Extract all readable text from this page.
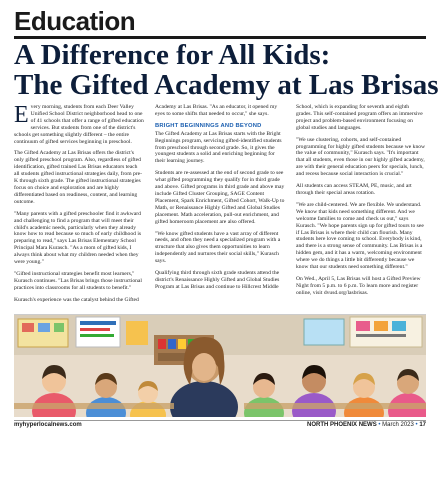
Education
A Difference for All Kids:
The Gifted Academy at Las Brisas

Every morning, students from each Deer Valley Unified School District neighborhood head to one of 41 schools that offer a range of gifted education services. But students from one of the district's schools get something slightly different – the entire continuum of gifted services beginning in preschool.

The Gifted Academy at Las Brisas offers the district's only gifted preschool program. Also, regardless of gifted identification, gifted trained Las Brisas educators teach all students gifted instructional strategies daily, from pre-K through sixth grade. The gifted instructional strategies focus on choice and exploration and are highly differentiated based on readiness, content, and learning outcome.

"Many parents with a gifted preschooler find it awkward and challenging to find a program that will meet their child's academic needs, particularly when they already know how to read because so much of early childhood is preparing to read," says Las Brisas Elementary School Principal Mara Kurasch. "As a mom of gifted kids, I always think about what my children needed when they were young."

"Gifted instructional strategies benefit most learners," Kurasch continues. "Las Brisas brings those instructional practices into classrooms for all students to benefit."

Kurasch's experience was the catalyst behind the Gifted

Academy at Las Brisas. "As an educator, it opened my eyes to some shifts that needed to occur," she says.

BRIGHT BEGINNINGS AND BEYOND

The Gifted Academy at Las Brisas starts with the Bright Beginnings program, servicing gifted-identified students from preschool through second grade. So, it gives the youngest students a solid and enriching beginning for their learning journey.

Students are re-assessed at the end of second grade to see what gifted programming they qualify for in third grade and above. Gifted programs in third grade and above may include Gifted Cluster Grouping, SAGE Content Placement, Spark Enrichment, Gifted Cohort, Walk-Up to Math, or Renaissance Highly Gifted and Global Studies placement. Math acceleration, pull-out enrichment, and gifted homeroom placement are also offered.

"We know gifted students have a vast array of different needs, and often they need a specialized program with a structure that also gives them opportunities to learn independently and nurtures their social skills," Kurasch says.

Qualifying third through sixth grade students attend the district's Renaissance Highly Gifted and Global Studies Program at Las Brisas and continue to Hillcrest Middle

School, which is expanding for seventh and eighth grades. This self-contained program offers an immersive project and problem-based environment focusing on global studies and languages.

"We use clustering, cohorts, and self-contained programming for highly gifted students because we know the value of community," Kurasch says. "It's important that all students, even those in our highly gifted academy, are with their general education peers for specials, lunch, and recess because social interaction is crucial."

All students can access STEAM, PE, music, and art through their special areas rotation.

"We are child-centered. We are flexible. We understand. We know that kids need something different. And we welcome families to come and check us out," says Kurasch. "We hope parents sign up for gifted tours to see if Las Brisas is where their child can flourish. Many students here love coming to school. Everybody is kind, and there is a strong sense of community. Las Brisas is a hidden gem, and it has a warm, welcoming environment where we do things a little bit differently because we know that our students need something different."

On Wed., April 5, Las Brisas will host a Gifted Preview Night from 5 p.m. to 6 p.m. To learn more and register online, visit dvusd.org/lasbrisas.

myhyperlocalnews.com	NORTH PHOENIX NEWS • March 2023 • 17
